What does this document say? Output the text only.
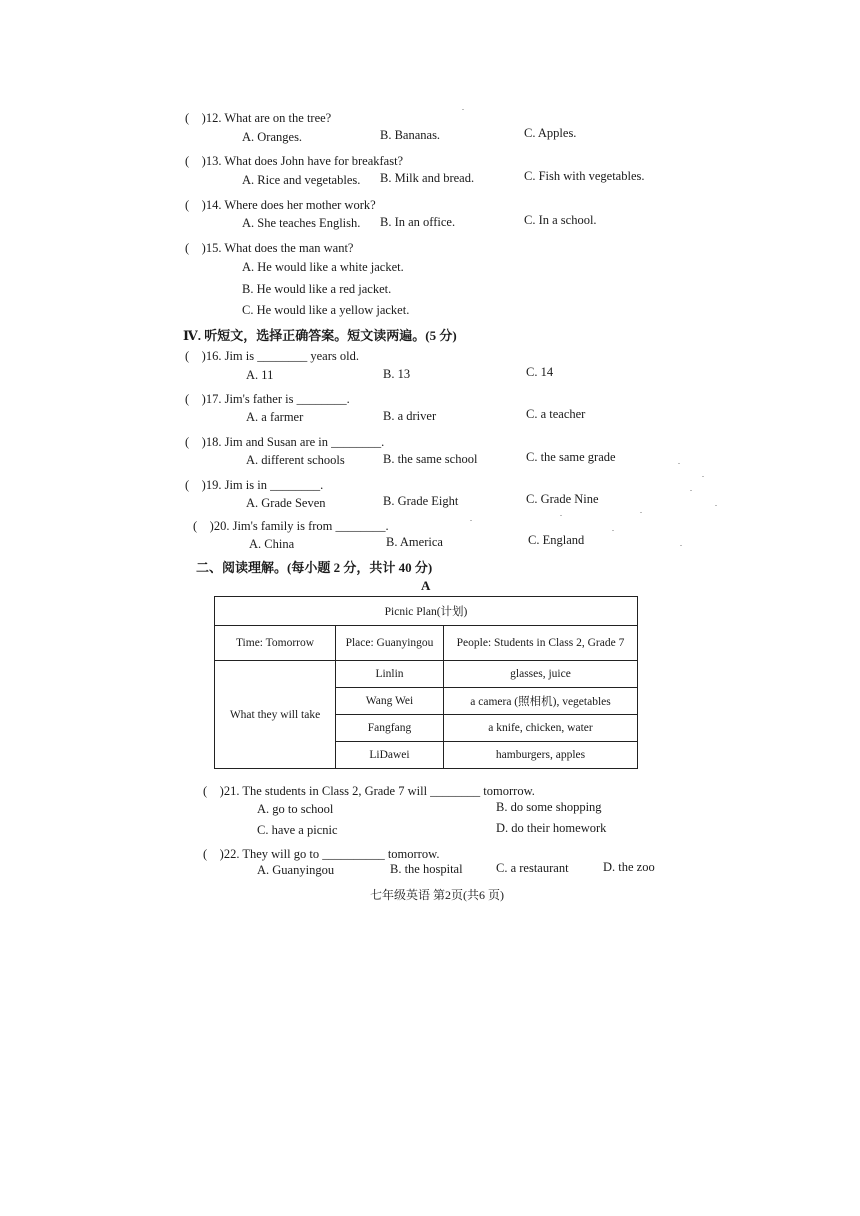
(　)12. What are on the tree?
A. Oranges.	B. Bananas.	C. Apples.
(　)13. What does John have for breakfast?
A. Rice and vegetables. B. Milk and bread.	C. Fish with vegetables.
(　)14. Where does her mother work?
A. She teaches English. B. In an office.	C. In a school.
(　)15. What does the man want?
A. He would like a white jacket.
B. He would like a red jacket.
C. He would like a yellow jacket.
Ⅳ. 听短文，选择正确答案。短文读两遍。(5 分)
(　)16. Jim is ________ years old.
A. 11	B. 13	C. 14
(　)17. Jim's father is ________.
A. a farmer	B. a driver	C. a teacher
(　)18. Jim and Susan are in ________.
A. different schools	B. the same school	C. the same grade
(　)19. Jim is in ________.
A. Grade Seven	B. Grade Eight	C. Grade Nine
(　)20. Jim's family is from ________.
A. China	B. America	C. England
二、阅读理解。(每小题 2 分，共计 40 分)
A
Picnic Plan(计划)		
Time: Tomorrow	Place: Guanyingou	People: Students in Class 2, Grade 7
What they will take	Linlin	glasses, juice
	Wang Wei	a camera (照相机), vegetables
	Fangfang	a knife, chicken, water
	LiDawei	hamburgers, apples
(　)21. The students in Class 2, Grade 7 will ________ tomorrow.
A. go to school	B. do some shopping
C. have a picnic	D. do their homework
(　)22. They will go to __________ tomorrow.
A. Guanyingou	B. the hospital	C. a restaurant	D. the zoo
七年级英语 第2页(共6 页)
